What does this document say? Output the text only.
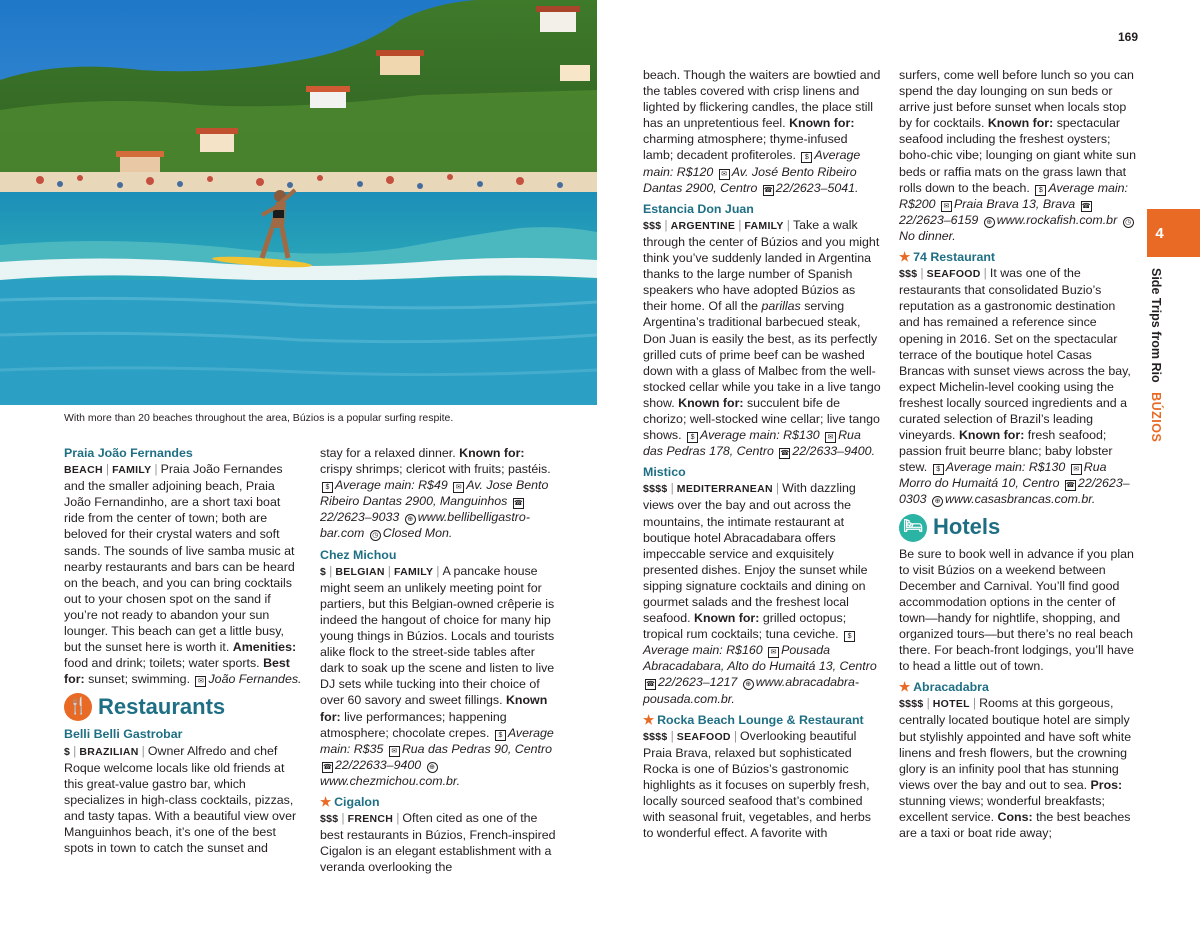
With more than 20 beaches throughout the area, Búzios is a popular surfing respite.
169
4
Side Trips from Rio BÚZIOS
Praia João Fernandes

BEACH | FAMILY | Praia João Fernandes and the smaller adjoining beach, Praia João Fernandinho, are a short taxi boat ride from the center of town; both are beloved for their crystal waters and soft sands. The sounds of live samba music at nearby restaurants and bars can be heard on the beach, and you can bring cocktails out to your chosen spot on the sand if you’re not ready to abandon your sun lounger. This beach can get a little busy, but the sunset here is worth it. Amenities: food and drink; toilets; water sports. Best for: sunset; swimming. ✉ João Fernandes.

🍴 Restaurants
Belli Belli Gastrobar

$ | BRAZILIAN | Owner Alfredo and chef Roque welcome locals like old friends at this great-value gastro bar, which specializes in high-class cocktails, pizzas, and tasty tapas. With a beautiful view over Manguinhos beach, it’s one of the best spots in town to catch the sunset and

stay for a relaxed dinner. Known for: crispy shrimps; clericot with fruits; pastéis. $ Average main: R$49 ✉ Av. Jose Bento Ribeiro Dantas 2900, Manguinhos ☎22/2623–9033 ⊕ www.bellibelligastro-bar.com ◷ Closed Mon.

Chez Michou

$ | BELGIAN | FAMILY | A pancake house might seem an unlikely meeting point for partiers, but this Belgian-owned crêperie is indeed the hangout of choice for many hip young things in Búzios. Locals and tourists alike flock to the street-side tables after dark to soak up the scene and listen to live DJ sets while tucking into their choice of over 60 savory and sweet fillings. Known for: live performances; happening atmosphere; chocolate crepes. $ Average main: R$35 ✉ Rua das Pedras 90, Centro ☎ 22/22633–9400 ⊕www.chezmichou.com.br.

★ Cigalon

$$$ | FRENCH | Often cited as one of the best restaurants in Búzios, French-inspired Cigalon is an elegant establishment with a veranda overlooking the

beach. Though the waiters are bowtied and the tables covered with crisp linens and lighted by flickering candles, the place still has an unpretentious feel. Known for: charming atmosphere; thyme-infused lamb; decadent profiteroles. $ Average main: R$120 ✉ Av. José Bento Ribeiro Dantas 2900, Centro ☎ 22/2623–5041.

Estancia Don Juan

$$$ | ARGENTINE | FAMILY | Take a walk through the center of Búzios and you might think you’ve suddenly landed in Argentina thanks to the large number of Spanish speakers who have adopted Búzios as their home. Of all the parillas serving Argentina’s traditional barbecued steak, Don Juan is easily the best, as its perfectly grilled cuts of prime beef can be washed down with a glass of Malbec from the well-stocked cellar while you take in a live tango show. Known for: succulent bife de chorizo; well-stocked wine cellar; live tango shows. $ Average main: R$130 ✉ Rua das Pedras 178, Centro ☎ 22/2633–9400.

Mistico

$$$$ | MEDITERRANEAN | With dazzling views over the bay and out across the mountains, the intimate restaurant at boutique hotel Abracadabara offers impeccable service and exquisitely presented dishes. Enjoy the sunset while sipping signature cocktails and dining on gourmet salads and the freshest local seafood. Known for: grilled octopus; tropical rum cocktails; tuna ceviche. $Average main: R$160 ✉ Pousada Abracadabara, Alto do Humaitá 13, Centro ☎ 22/2623–1217 ⊕ www.abracadabra-pousada.com.br.

★ Rocka Beach Lounge & Restaurant

$$$$ | SEAFOOD | Overlooking beautiful Praia Brava, relaxed but sophisticated Rocka is one of Búzios’s gastronomic highlights as it focuses on superbly fresh, locally sourced seafood that’s combined with seasonal fruit, vegetables, and herbs to wonderful effect. A favorite with

surfers, come well before lunch so you can spend the day lounging on sun beds or arrive just before sunset when locals stop by for cocktails. Known for: spectacular seafood including the freshest oysters; boho-chic vibe; lounging on giant white sun beds or raffia mats on the grass lawn that rolls down to the beach. $ Average main: R$200 ✉ Praia Brava 13, Brava ☎22/2623–6159 ⊕ www.rockafish.com.br ◷No dinner.

★ 74 Restaurant

$$$ | SEAFOOD | It was one of the restaurants that consolidated Buzio’s reputation as a gastronomic destination and has remained a reference since opening in 2016. Set on the spectacular terrace of the boutique hotel Casas Brancas with sunset views across the bay, expect Michelin-level cooking using the freshest locally sourced ingredients and a curated selection of Brazil’s leading vineyards. Known for: fresh seafood; passion fruit beurre blanc; baby lobster stew. $ Average main: R$130 ✉ Rua Morro do Humaitá 10, Centro ☎ 22/2623–0303 ⊕ www.casasbrancas.com.br.

🛏 Hotels

Be sure to book well in advance if you plan to visit Búzios on a weekend between December and Carnival. You’ll find good accommodation options in the center of town—handy for nightlife, shopping, and organized tours—but there’s no real beach there. For beach-front lodgings, you’ll have to head a little out of town.

★ Abracadabra

$$$$ | HOTEL | Rooms at this gorgeous, centrally located boutique hotel are simply but stylishly appointed and have soft white linens and fresh flowers, but the crowning glory is an infinity pool that has stunning views over the bay and out to sea. Pros: stunning views; wonderful breakfasts; excellent service. Cons: the best beaches are a taxi or boat ride away;
